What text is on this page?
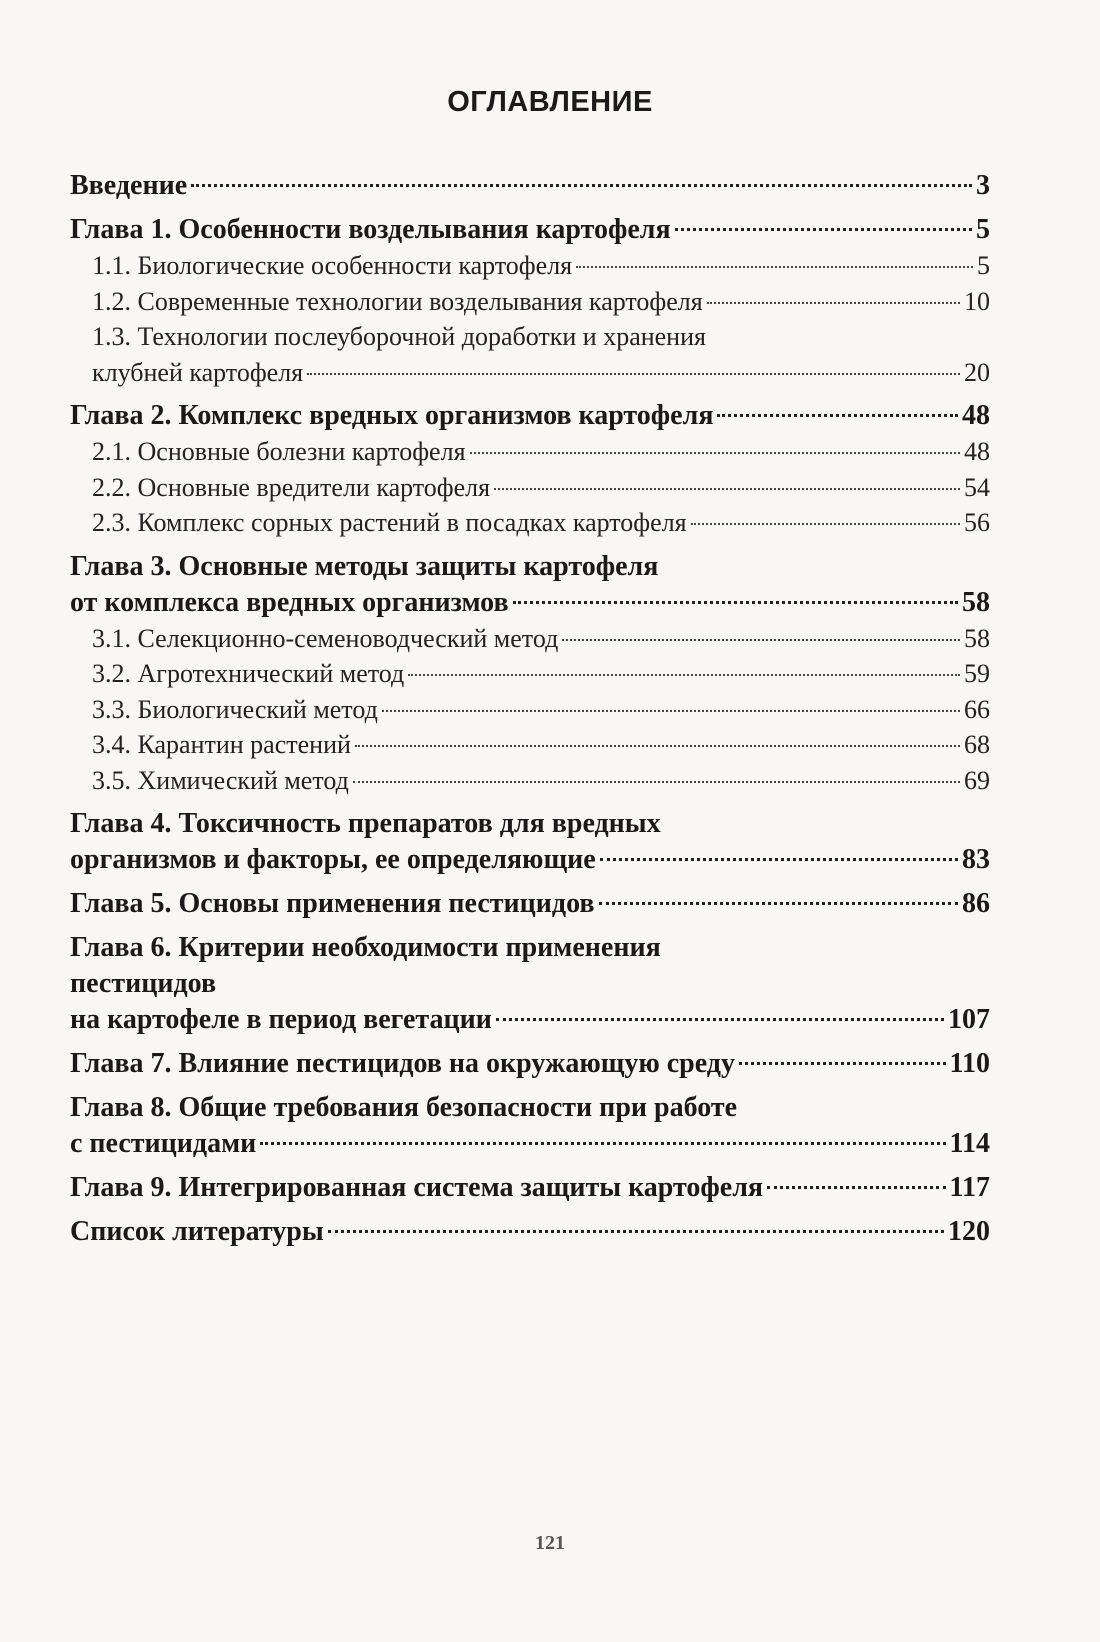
ОГЛАВЛЕНИЕ
Введение	3
Глава 1. Особенности возделывания картофеля	5
1.1. Биологические особенности картофеля	5
1.2. Современные технологии возделывания картофеля	10
1.3. Технологии послеуборочной доработки и хранения
клубней картофеля	20
Глава 2. Комплекс вредных организмов картофеля	48
2.1. Основные болезни картофеля	48
2.2. Основные вредители картофеля	54
2.3. Комплекс сорных растений в посадках картофеля	56
Глава 3. Основные методы защиты картофеля
от комплекса вредных организмов	58
3.1. Селекционно-семеноводческий метод	58
3.2. Агротехнический метод	59
3.3. Биологический метод	66
3.4. Карантин растений	68
3.5. Химический метод	69
Глава 4. Токсичность препаратов для вредных
организмов и факторы, ее определяющие	83
Глава 5. Основы применения пестицидов	86
Глава 6. Критерии необходимости применения
пестицидов
на картофеле в период вегетации	107
Глава 7. Влияние пестицидов на окружающую среду	110
Глава 8. Общие требования безопасности при работе
с пестицидами	114
Глава 9. Интегрированная система защиты картофеля	117
Список литературы	120
121
